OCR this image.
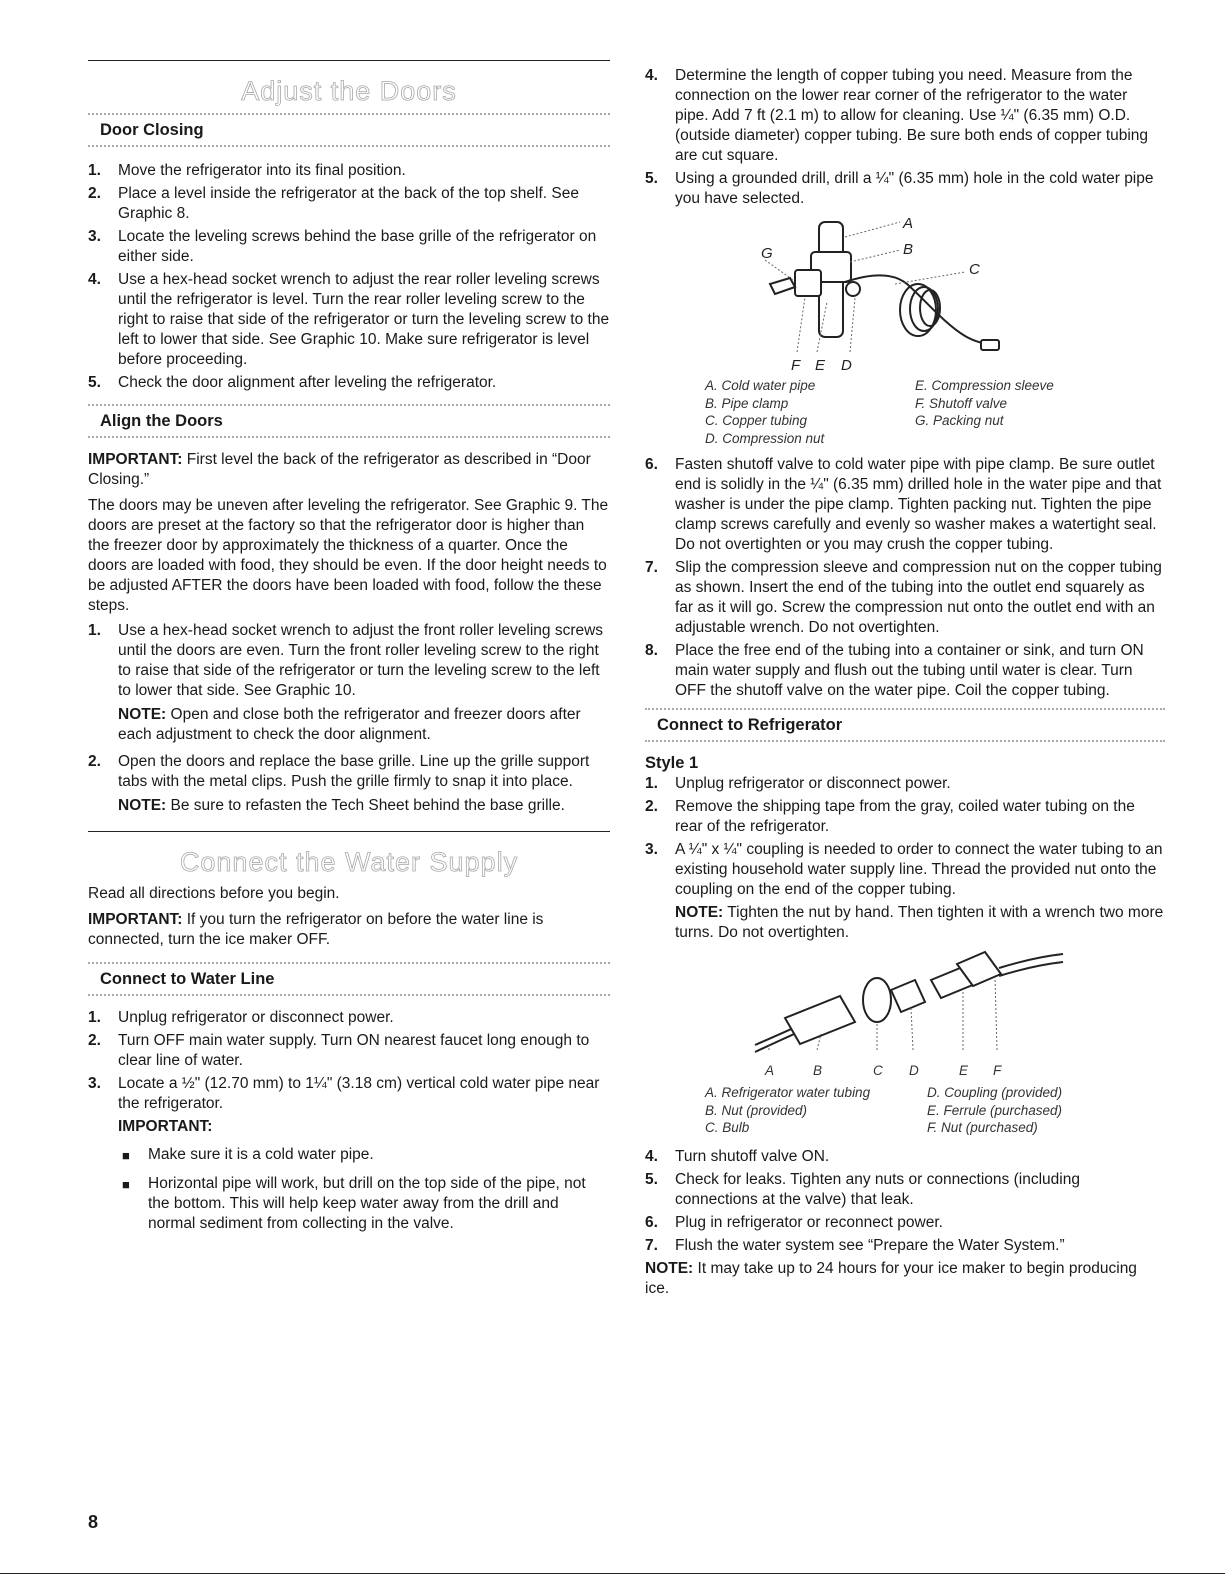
Adjust the Doors
Door Closing
1. Move the refrigerator into its final position.
2. Place a level inside the refrigerator at the back of the top shelf. See Graphic 8.
3. Locate the leveling screws behind the base grille of the refrigerator on either side.
4. Use a hex-head socket wrench to adjust the rear roller leveling screws until the refrigerator is level. Turn the rear roller leveling screw to the right to raise that side of the refrigerator or turn the leveling screw to the left to lower that side. See Graphic 10. Make sure refrigerator is level before proceeding.
5. Check the door alignment after leveling the refrigerator.
Align the Doors

IMPORTANT: First level the back of the refrigerator as described in “Door Closing.”

The doors may be uneven after leveling the refrigerator. See Graphic 9. The doors are preset at the factory so that the refrigerator door is higher than the freezer door by approximately the thickness of a quarter. Once the doors are loaded with food, they should be even. If the door height needs to be adjusted AFTER the doors have been loaded with food, follow the these steps.

1. Use a hex-head socket wrench to adjust the front roller leveling screws until the doors are even. Turn the front roller leveling screw to the right to raise that side of the refrigerator or turn the leveling screw to the left to lower that side. See Graphic 10.

NOTE: Open and close both the refrigerator and freezer doors after each adjustment to check the door alignment.

2. Open the doors and replace the base grille. Line up the grille support tabs with the metal clips. Push the grille firmly to snap it into place.

NOTE: Be sure to refasten the Tech Sheet behind the base grille.

Connect the Water Supply

Read all directions before you begin.

IMPORTANT: If you turn the refrigerator on before the water line is connected, turn the ice maker OFF.

Connect to Water Line
1. Unplug refrigerator or disconnect power.
2. Turn OFF main water supply. Turn ON nearest faucet long enough to clear line of water.
3. Locate a ½" (12.70 mm) to 1¼" (3.18 cm) vertical cold water pipe near the refrigerator.

IMPORTANT:

■ Make sure it is a cold water pipe.
■ Horizontal pipe will work, but drill on the top side of the pipe, not the bottom. This will help keep water away from the drill and normal sediment from collecting in the valve.
4. Determine the length of copper tubing you need. Measure from the connection on the lower rear corner of the refrigerator to the water pipe. Add 7 ft (2.1 m) to allow for cleaning. Use ¼" (6.35 mm) O.D. (outside diameter) copper tubing. Be sure both ends of copper tubing are cut square.
5. Using a grounded drill, drill a ¼" (6.35 mm) hole in the cold water pipe you have selected.
A
B
C
D
E
F
G
A. Cold water pipe
B. Pipe clamp
C. Copper tubing
D. Compression nut
E. Compression sleeve
F. Shutoff valve
G. Packing nut
6. Fasten shutoff valve to cold water pipe with pipe clamp. Be sure outlet end is solidly in the ¼" (6.35 mm) drilled hole in the water pipe and that washer is under the pipe clamp. Tighten packing nut. Tighten the pipe clamp screws carefully and evenly so washer makes a watertight seal. Do not overtighten or you may crush the copper tubing.
7. Slip the compression sleeve and compression nut on the copper tubing as shown. Insert the end of the tubing into the outlet end squarely as far as it will go. Screw the compression nut onto the outlet end with an adjustable wrench. Do not overtighten.
8. Place the free end of the tubing into a container or sink, and turn ON main water supply and flush out the tubing until water is clear. Turn OFF the shutoff valve on the water pipe. Coil the copper tubing.
Connect to Refrigerator

Style 1

1. Unplug refrigerator or disconnect power.
2. Remove the shipping tape from the gray, coiled water tubing on the rear of the refrigerator.
3. A ¼" x ¼" coupling is needed to order to connect the water tubing to an existing household water supply line. Thread the provided nut onto the coupling on the end of the copper tubing.

NOTE: Tighten the nut by hand. Then tighten it with a wrench two more turns. Do not overtighten.

A	B	C D	E F
A. Refrigerator water tubing
B. Nut (provided)
C. Bulb
D. Coupling (provided)
E. Ferrule (purchased)
F. Nut (purchased)
4. Turn shutoff valve ON.
5. Check for leaks. Tighten any nuts or connections (including connections at the valve) that leak.
6. Plug in refrigerator or reconnect power.
7. Flush the water system see “Prepare the Water System.”

NOTE: It may take up to 24 hours for your ice maker to begin producing ice.

8
